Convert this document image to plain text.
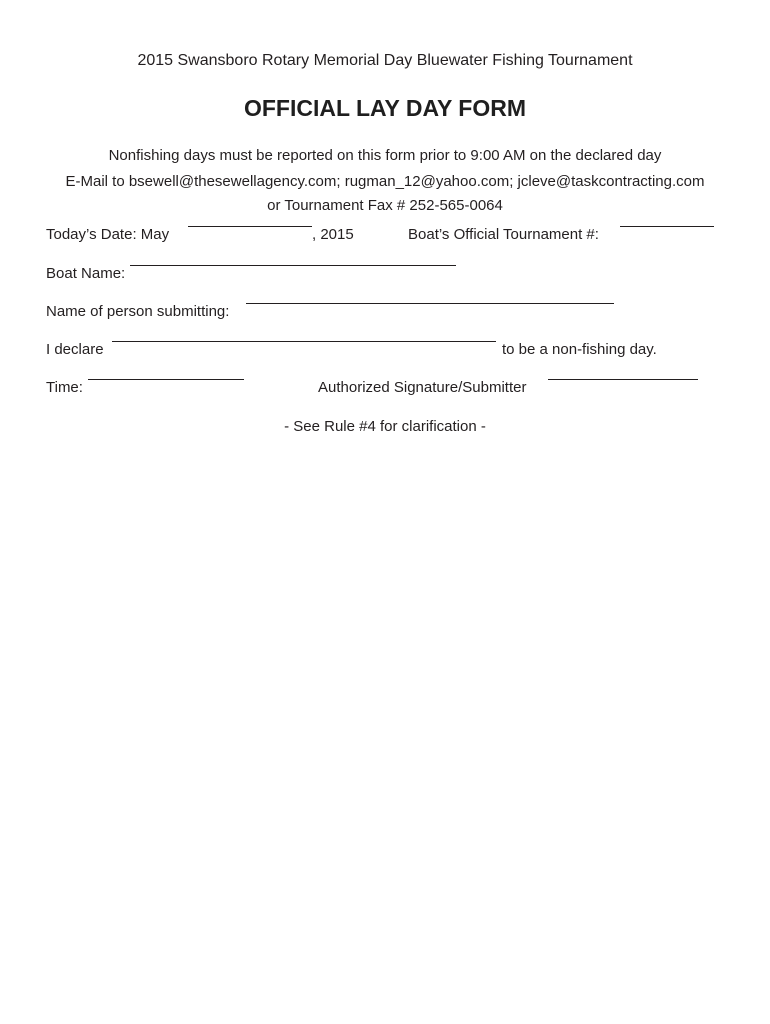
2015 Swansboro Rotary Memorial Day Bluewater Fishing Tournament
OFFICIAL LAY DAY FORM
Nonfishing days must be reported on this form prior to 9:00 AM on the declared day
E-Mail to bsewell@thesewellagency.com; rugman_12@yahoo.com; jcleve@taskcontracting.com
or Tournament Fax # 252-565-0064
Today’s Date: May	, 2015	Boat’s Official Tournament #:
Boat Name:
Name of person submitting:
I declare	to be a non-fishing day.
Time:	Authorized Signature/Submitter
- See Rule #4 for clarification -
